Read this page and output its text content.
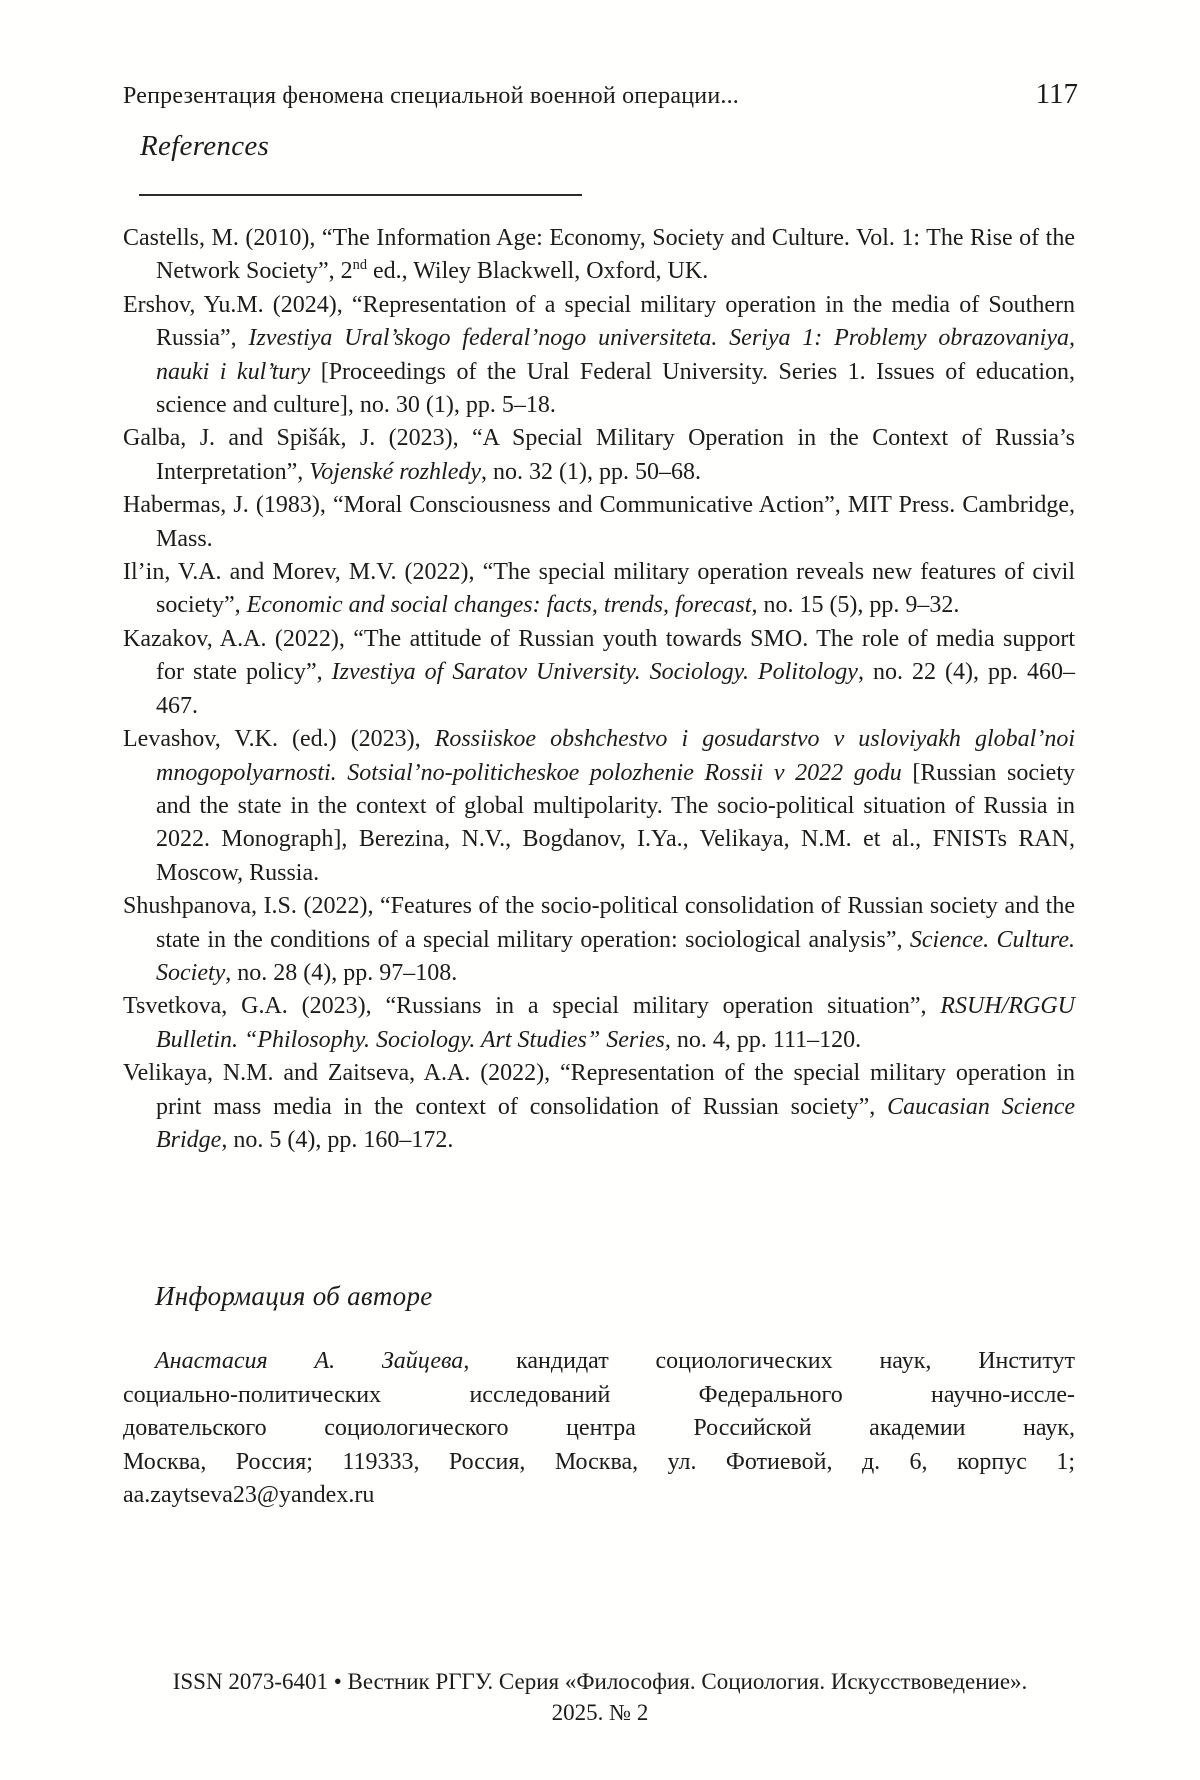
Репрезентация феномена специальной военной операции...	117
References

Castells, M. (2010), “The Information Age: Economy, Society and Culture. Vol. 1: The Rise of the Network Society”, 2nd ed., Wiley Blackwell, Oxford, UK.

Ershov, Yu.M. (2024), “Representation of a special military operation in the media of Southern Russia”, Izvestiya Ural’skogo federal’nogo universiteta. Seriya 1: Problemy obrazovaniya, nauki i kul’tury [Proceedings of the Ural Federal University. Series 1. Issues of education, science and culture], no. 30 (1), pp. 5–18.

Galba, J. and Spišák, J. (2023), “A Special Military Operation in the Context of Russia’s Interpretation”, Vojenské rozhledy, no. 32 (1), pp. 50–68.

Habermas, J. (1983), “Moral Consciousness and Communicative Action”, MIT Press. Cambridge, Mass.

Il’in, V.A. and Morev, M.V. (2022), “The special military operation reveals new features of civil society”, Economic and social changes: facts, trends, forecast, no. 15 (5), pp. 9–32.

Kazakov, A.A. (2022), “The attitude of Russian youth towards SMO. The role of media support for state policy”, Izvestiya of Saratov University. Sociology. Politology, no. 22 (4), pp. 460–467.

Levashov, V.K. (ed.) (2023), Rossiiskoe obshchestvo i gosudarstvo v usloviyakh global’noi mnogopolyarnosti. Sotsial’no-politicheskoe polozhenie Rossii v 2022 godu [Russian society and the state in the context of global multipolarity. The socio-political situation of Russia in 2022. Monograph], Berezina, N.V., Bogdanov, I.Ya., Velikaya, N.M. et al., FNISTs RAN, Moscow, Russia.

Shushpanova, I.S. (2022), “Features of the socio-political consolidation of Russian society and the state in the conditions of a special military operation: sociological analysis”, Science. Culture. Society, no. 28 (4), pp. 97–108.

Tsvetkova, G.A. (2023), “Russians in a special military operation situation”, RSUH/RGGU Bulletin. “Philosophy. Sociology. Art Studies” Series, no. 4, pp. 111–120.

Velikaya, N.M. and Zaitseva, A.A. (2022), “Representation of the special military operation in print mass media in the context of consolidation of Russian society”, Caucasian Science Bridge, no. 5 (4), pp. 160–172.

Информация об авторе
Анастасия А. Зайцева, кандидат социологических наук, Институт
социально-политических исследований Федерального научно-иссле-
довательского социологического центра Российской академии наук,
Москва, Россия; 119333, Россия, Москва, ул. Фотиевой, д. 6, корпус 1;
aa.zaytseva23@yandex.ru
ISSN 2073-6401 • Вестник РГГУ. Серия «Философия. Социология. Искусствоведение».
2025. № 2
